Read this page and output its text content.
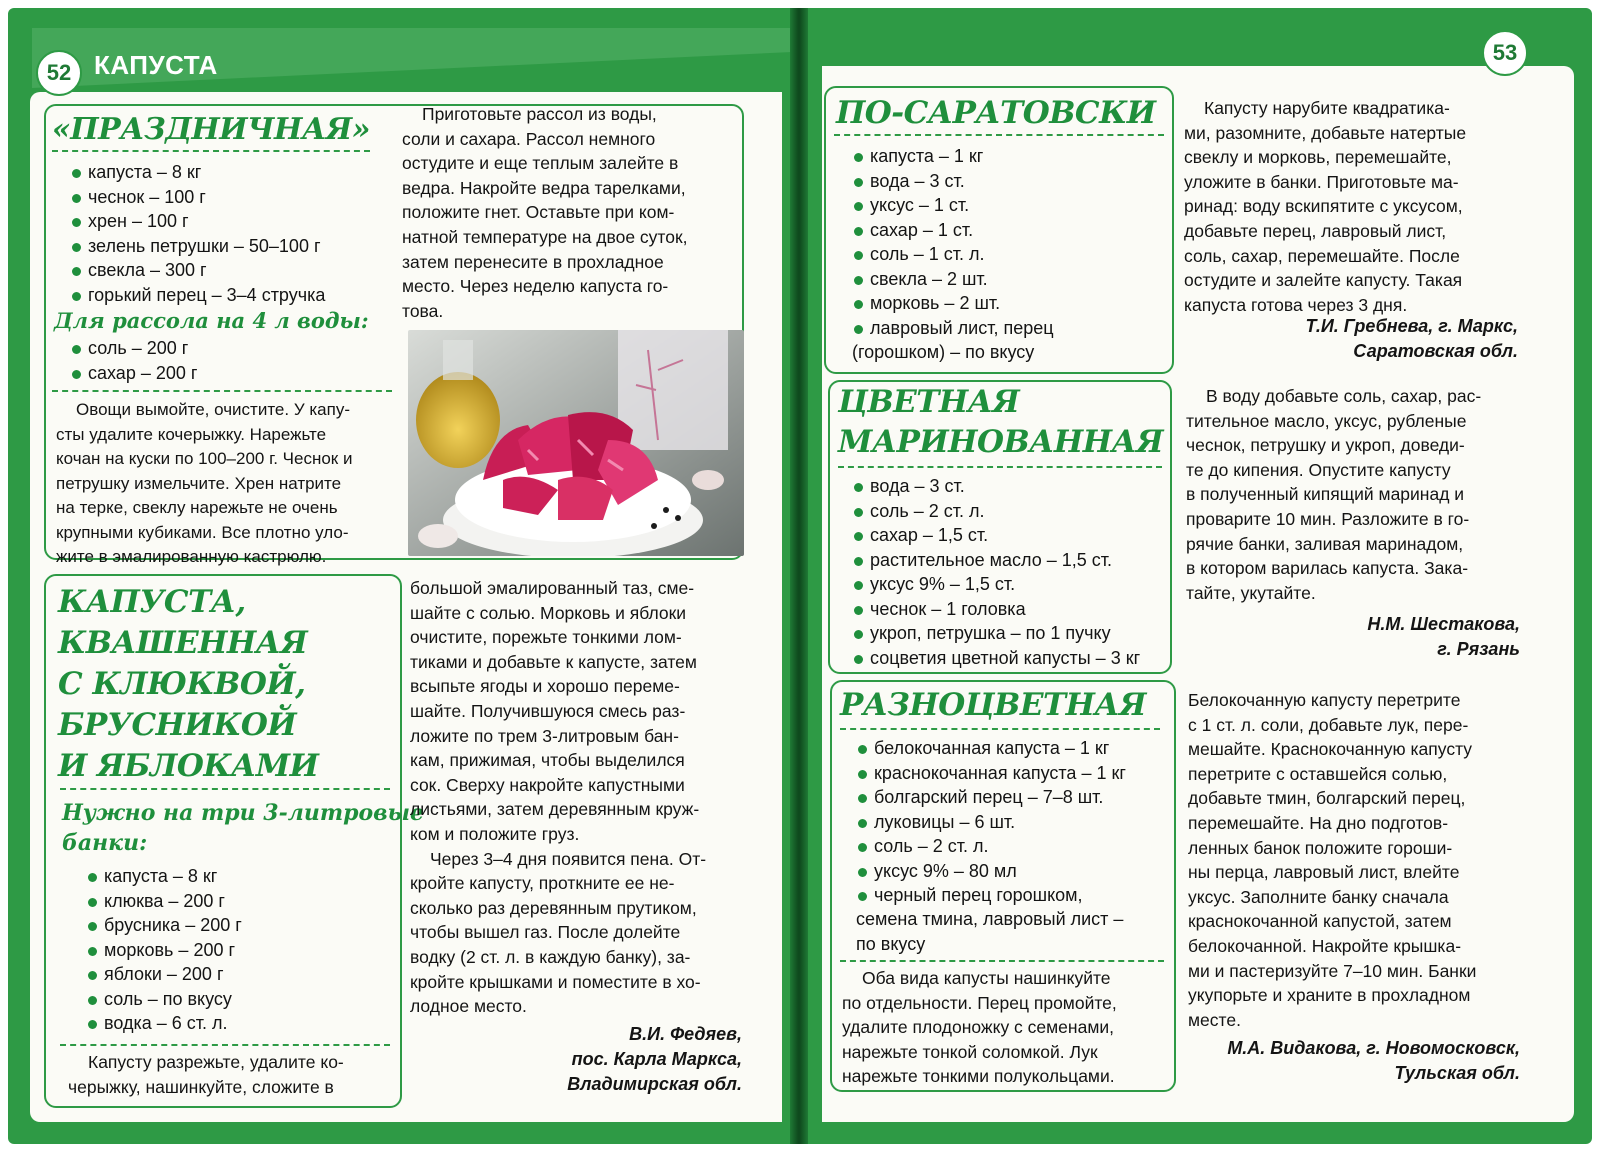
52 КАПУСТА
«ПРАЗДНИЧНАЯ»
капуста – 8 кг
чеснок – 100 г
хрен – 100 г
зелень петрушки – 50–100 г
свекла – 300 г
горький перец – 3–4 стручка
Для рассола на 4 л воды:
соль – 200 г
сахар – 200 г
Овощи вымойте, очистите. У капу-
сты удалите кочерыжку. Нарежьте
кочан на куски по 100–200 г. Чеснок и
петрушку измельчите. Хрен натрите
на терке, свеклу нарежьте не очень
крупными кубиками. Все плотно уло-
жите в эмалированную кастрюлю.
Приготовьте рассол из воды,
соли и сахара. Рассол немного
остудите и еще теплым залейте в
ведра. Накройте ведра тарелками,
положите гнет. Оставьте при ком-
натной температуре на двое суток,
затем перенесите в прохладное
место. Через неделю капуста го-
това.
КАПУСТА,
КВАШЕННАЯ
С КЛЮКВОЙ,
БРУСНИКОЙ
И ЯБЛОКАМИ
Нужно на три 3-литровые
банки:
капуста – 8 кг
клюква – 200 г
брусника – 200 г
морковь – 200 г
яблоки – 200 г
соль – по вкусу
водка – 6 ст. л.
Капусту разрежьте, удалите ко-
черыжку, нашинкуйте, сложите в
большой эмалированный таз, сме-
шайте с солью. Морковь и яблоки
очистите, порежьте тонкими лом-
тиками и добавьте к капусте, затем
всыпьте ягоды и хорошо переме-
шайте. Получившуюся смесь раз-
ложите по трем 3-литровым бан-
кам, прижимая, чтобы выделился
сок. Сверху накройте капустными
листьями, затем деревянным круж-
ком и положите груз.
Через 3–4 дня появится пена. От-
кройте капусту, проткните ее не-
сколько раз деревянным прутиком,
чтобы вышел газ. После долейте
водку (2 ст. л. в каждую банку), за-
кройте крышками и поместите в хо-
лодное место.
В.И. Федяев,
пос. Карла Маркса,
Владимирская обл.
53
ПО-САРАТОВСКИ
капуста – 1 кг
вода – 3 ст.
уксус – 1 ст.
сахар – 1 ст.
соль – 1 ст. л.
свекла – 2 шт.
морковь – 2 шт.
лавровый лист, перец
(горошком) – по вкусу
Капусту нарубите квадратика-
ми, разомните, добавьте натертые
свеклу и морковь, перемешайте,
уложите в банки. Приготовьте ма-
ринад: воду вскипятите с уксусом,
добавьте перец, лавровый лист,
соль, сахар, перемешайте. После
остудите и залейте капусту. Такая
капуста готова через 3 дня.
Т.И. Гребнева, г. Маркс,
Саратовская обл.
ЦВЕТНАЯ
МАРИНОВАННАЯ
вода – 3 ст.
соль – 2 ст. л.
сахар – 1,5 ст.
растительное масло – 1,5 ст.
уксус 9% – 1,5 ст.
чеснок – 1 головка
укроп, петрушка – по 1 пучку
соцветия цветной капусты – 3 кг
В воду добавьте соль, сахар, рас-
тительное масло, уксус, рубленые
чеснок, петрушку и укроп, доведи-
те до кипения. Опустите капусту
в полученный кипящий маринад и
проварите 10 мин. Разложите в го-
рячие банки, заливая маринадом,
в котором варилась капуста. Зака-
тайте, укутайте.
Н.М. Шестакова,
г. Рязань
РАЗНОЦВЕТНАЯ
белокочанная капуста – 1 кг
краснокочанная капуста – 1 кг
болгарский перец – 7–8 шт.
луковицы – 6 шт.
соль – 2 ст. л.
уксус 9% – 80 мл
черный перец горошком,
семена тмина, лавровый лист –
по вкусу
Оба вида капусты нашинкуйте
по отдельности. Перец промойте,
удалите плодоножку с семенами,
нарежьте тонкой соломкой. Лук
нарежьте тонкими полукольцами.
Белокочанную капусту перетрите
с 1 ст. л. соли, добавьте лук, пере-
мешайте. Краснокочанную капусту
перетрите с оставшейся солью,
добавьте тмин, болгарский перец,
перемешайте. На дно подготов-
ленных банок положите гороши-
ны перца, лавровый лист, влейте
уксус. Заполните банку сначала
краснокочанной капустой, затем
белокочанной. Накройте крышка-
ми и пастеризуйте 7–10 мин. Банки
укупорьте и храните в прохладном
месте.
М.А. Видакова, г. Новомосковск,
Тульская обл.
